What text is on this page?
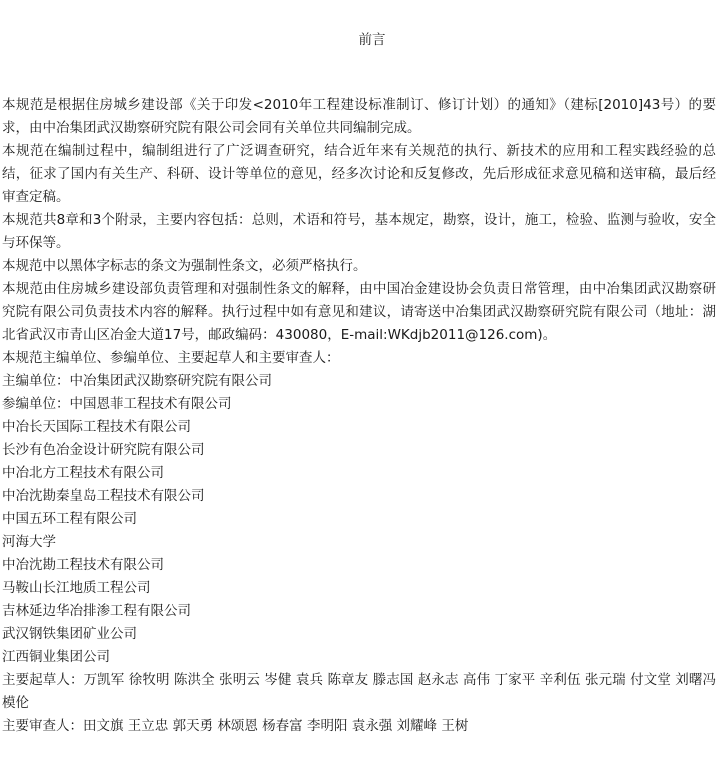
前言

本规范是根据住房城乡建设部《关于印发<2010年工程建设标准制订、修订计划）的通知》（建标[2010]43号）的要求，由中冶集团武汉勘察研究院有限公司会同有关单位共同编制完成。

本规范在编制过程中，编制组进行了广泛调查研究，结合近年来有关规范的执行、新技术的应用和工程实践经验的总结，征求了国内有关生产、科研、设计等单位的意见，经多次讨论和反复修改，先后形成征求意见稿和送审稿，最后经审查定稿。

本规范共8章和3个附录，主要内容包括：总则，术语和符号，基本规定，勘察，设计，施工，检验、监测与验收，安全与环保等。

本规范中以黑体字标志的条文为强制性条文，必须严格执行。

本规范由住房城乡建设部负责管理和对强制性条文的解释，由中国冶金建设协会负责日常管理，由中冶集团武汉勘察研究院有限公司负责技术内容的解释。执行过程中如有意见和建议，请寄送中冶集团武汉勘察研究院有限公司（地址：湖北省武汉市青山区冶金大道17号，邮政编码：430080，E-mail:WKdjb2011@126.com)。

本规范主编单位、参编单位、主要起草人和主要审查人：

主编单位：中冶集团武汉勘察研究院有限公司

参编单位：中国恩菲工程技术有限公司

中冶长天国际工程技术有限公司

长沙有色冶金设计研究院有限公司

中冶北方工程技术有限公司

中冶沈勘秦皇岛工程技术有限公司

中国五环工程有限公司

河海大学

中冶沈勘工程技术有限公司

马鞍山长江地质工程公司

吉林延边华冶排渗工程有限公司

武汉钢铁集团矿业公司

江西铜业集团公司

主要起草人：万凯军 徐牧明 陈洪全 张明云 岑健 袁兵 陈章友 滕志国 赵永志 高伟 丁家平 辛利伍 张元瑞 付文堂 刘曙冯模伦

主要审查人：田文旗 王立忠 郭天勇 林颂恩 杨春富 李明阳 袁永强 刘耀峰 王树
